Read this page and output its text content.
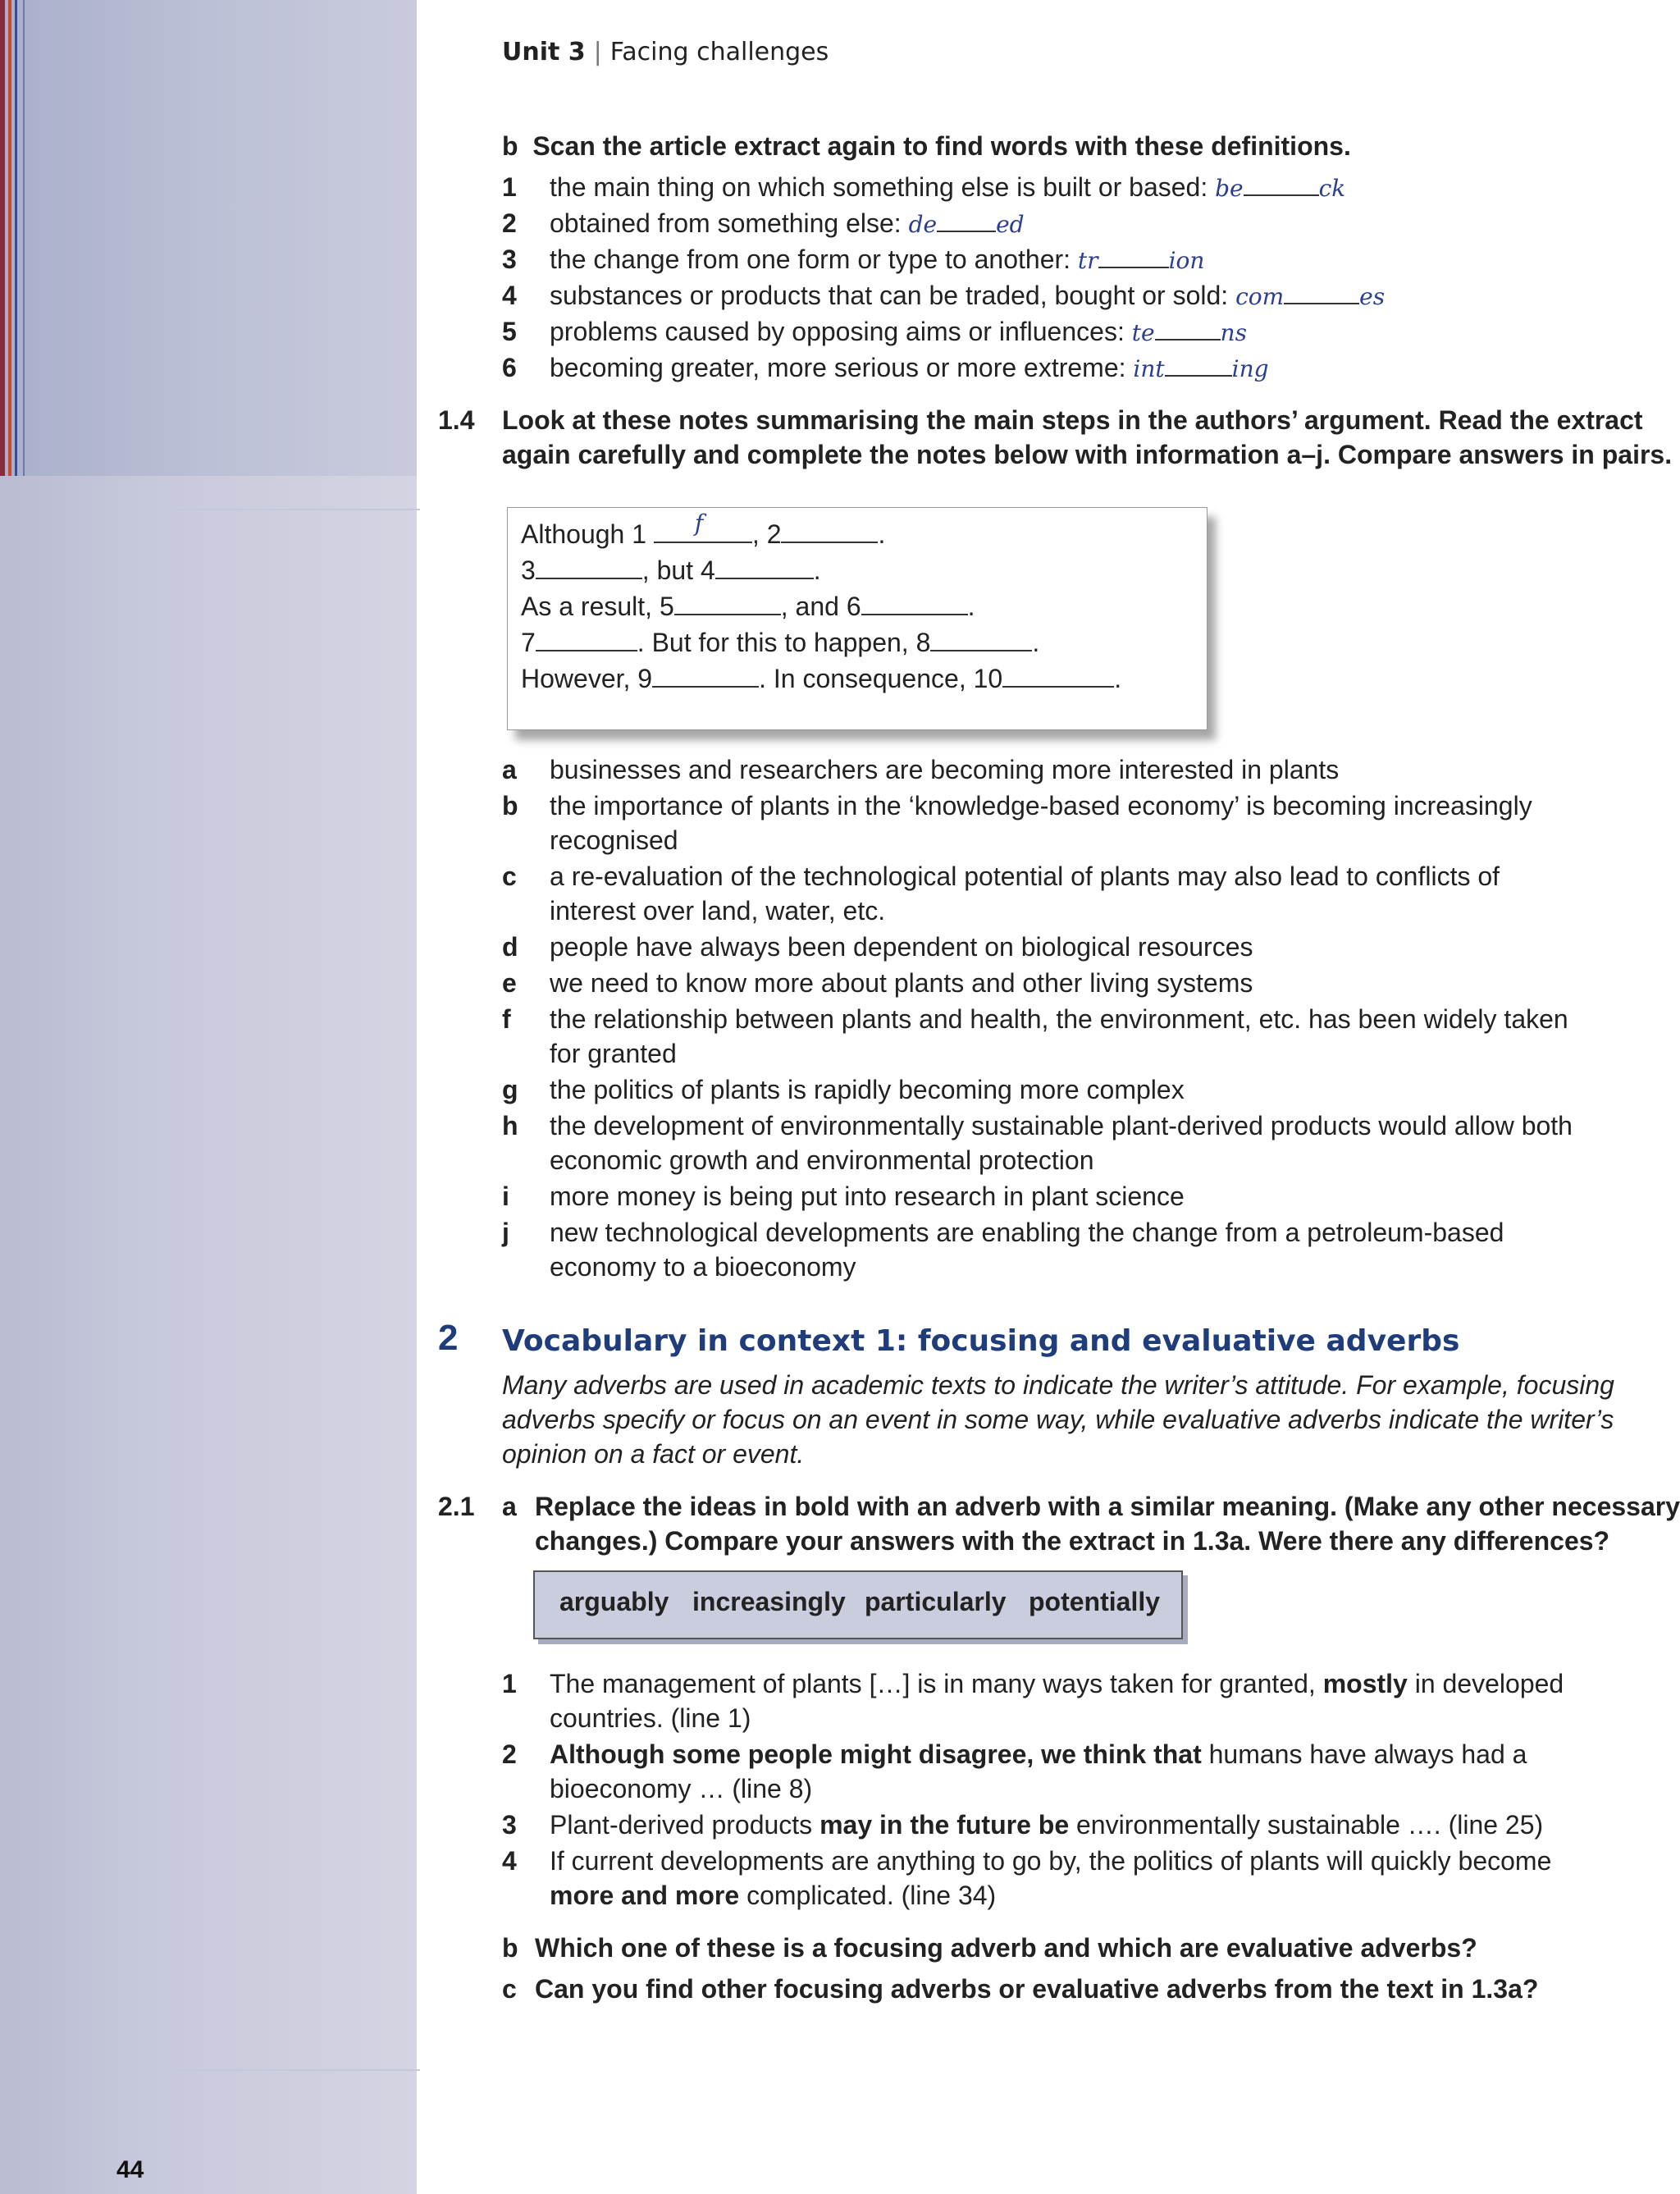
44
Unit 3 | Facing challenges
b Scan the article extract again to find words with these definitions.
1 the main thing on which something else is built or based: be	ck
2 obtained from something else: de	ed
3 the change from one form or type to another: tr	ion
4 substances or products that can be traded, bought or sold: com	es
5 problems caused by opposing aims or influences: te	ns
6 becoming greater, more serious or more extreme: int	ing
1.4 Look at these notes summarising the main steps in the authors’ argument. Read the extract
again carefully and complete the notes below with information a–j. Compare answers in pairs.
Although 1 f , 2	.
3	, but 4	.
As a result, 5	, and 6	.
7	. But for this to happen, 8	.
However, 9	. In consequence, 10	.
a businesses and researchers are becoming more interested in plants
b the importance of plants in the ‘knowledge-based economy’ is becoming increasingly
recognised
c a re-evaluation of the technological potential of plants may also lead to conflicts of
interest over land, water, etc.
d people have always been dependent on biological resources
e we need to know more about plants and other living systems
f the relationship between plants and health, the environment, etc. has been widely taken
for granted
g the politics of plants is rapidly becoming more complex
h the development of environmentally sustainable plant-derived products would allow both
economic growth and environmental protection
i more money is being put into research in plant science
j new technological developments are enabling the change from a petroleum-based
economy to a bioeconomy
2 Vocabulary in context 1: focusing and evaluative adverbs
Many adverbs are used in academic texts to indicate the writer’s attitude. For example, focusing
adverbs specify or focus on an event in some way, while evaluative adverbs indicate the writer’s
opinion on a fact or event.
2.1 a Replace the ideas in bold with an adverb with a similar meaning. (Make any other necessary
changes.) Compare your answers with the extract in 1.3a. Were there any differences?
arguably increasingly particularly potentially
1 The management of plants […] is in many ways taken for granted, mostly in developed
countries. (line 1)
2 Although some people might disagree, we think that humans have always had a
bioeconomy … (line 8)
3 Plant-derived products may in the future be environmentally sustainable …. (line 25)
4 If current developments are anything to go by, the politics of plants will quickly become
more and more complicated. (line 34)
b Which one of these is a focusing adverb and which are evaluative adverbs?
c Can you find other focusing adverbs or evaluative adverbs from the text in 1.3a?
